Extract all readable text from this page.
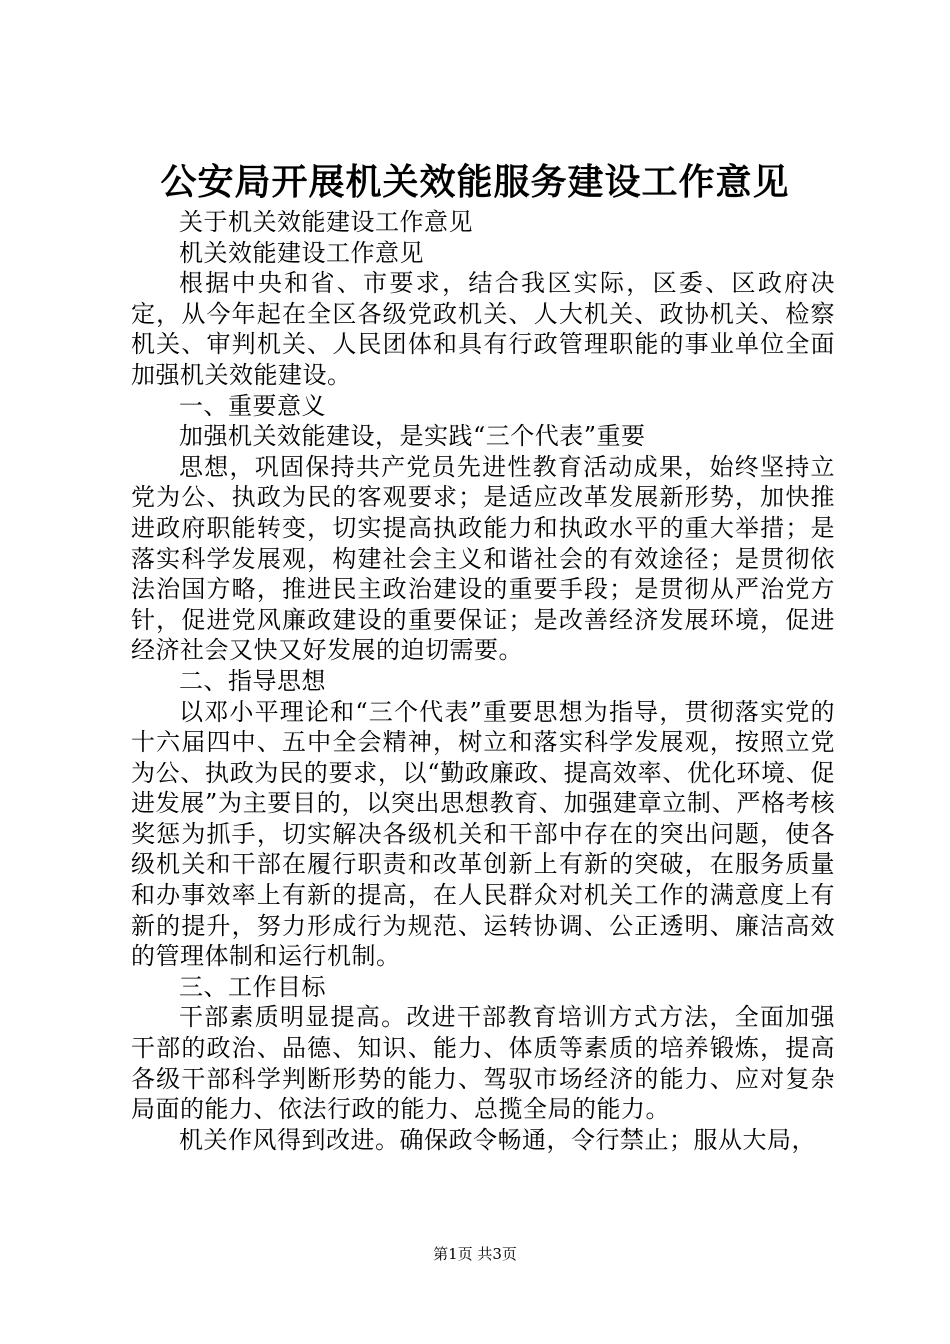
公安局开展机关效能服务建设工作意见

关于机关效能建设工作意见

机关效能建设工作意见

根据中央和省、市要求，结合我区实际，区委、区政府决定，从今年起在全区各级党政机关、人大机关、政协机关、检察机关、审判机关、人民团体和具有行政管理职能的事业单位全面加强机关效能建设。

一、重要意义

加强机关效能建设，是实践“三个代表”重要

思想，巩固保持共产党员先进性教育活动成果，始终坚持立党为公、执政为民的客观要求；是适应改革发展新形势，加快推进政府职能转变，切实提高执政能力和执政水平的重大举措；是落实科学发展观，构建社会主义和谐社会的有效途径；是贯彻依法治国方略，推进民主政治建设的重要手段；是贯彻从严治党方针，促进党风廉政建设的重要保证；是改善经济发展环境，促进经济社会又快又好发展的迫切需要。

二、指导思想

以邓小平理论和“三个代表”重要思想为指导，贯彻落实党的十六届四中、五中全会精神，树立和落实科学发展观，按照立党为公、执政为民的要求，以“勤政廉政、提高效率、优化环境、促进发展”为主要目的，以突出思想教育、加强建章立制、严格考核奖惩为抓手，切实解决各级机关和干部中存在的突出问题，使各级机关和干部在履行职责和改革创新上有新的突破，在服务质量和办事效率上有新的提高，在人民群众对机关工作的满意度上有新的提升，努力形成行为规范、运转协调、公正透明、廉洁高效的管理体制和运行机制。

三、工作目标

干部素质明显提高。改进干部教育培训方式方法，全面加强干部的政治、品德、知识、能力、体质等素质的培养锻炼，提高各级干部科学判断形势的能力、驾驭市场经济的能力、应对复杂局面的能力、依法行政的能力、总揽全局的能力。

机关作风得到改进。确保政令畅通，令行禁止；服从大局，

第1页 共3页
